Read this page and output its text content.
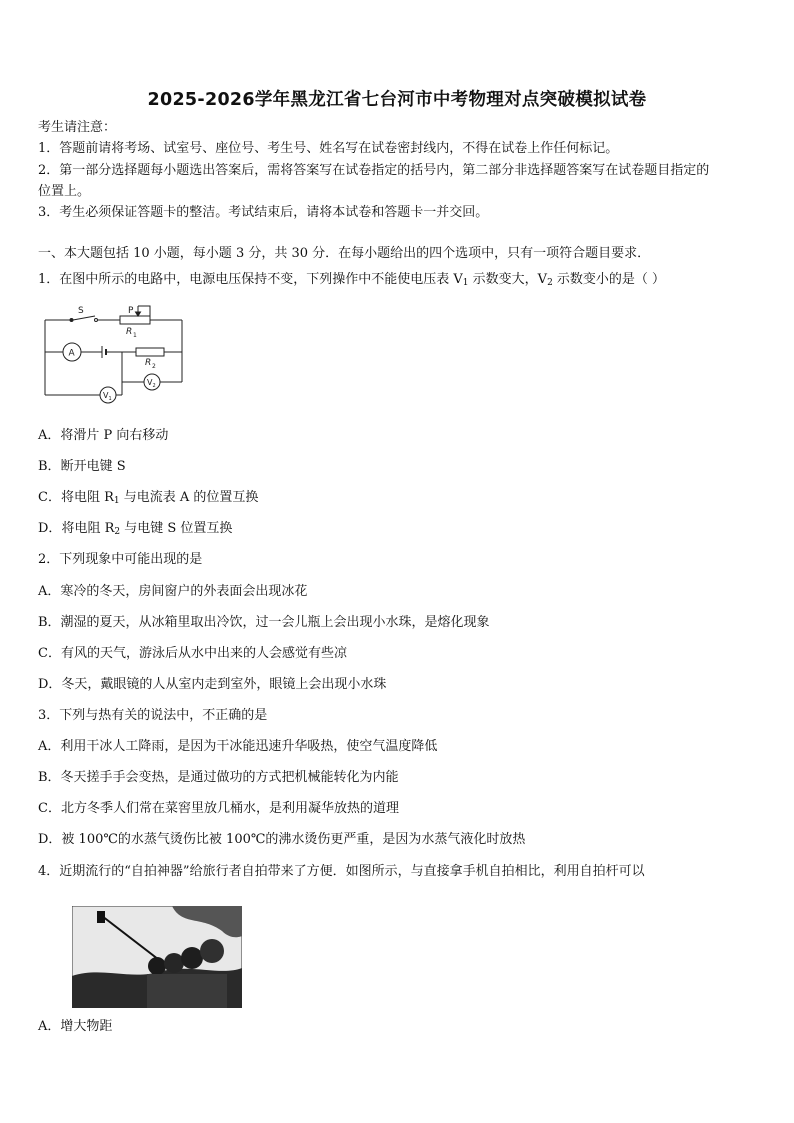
2025-2026学年黑龙江省七台河市中考物理对点突破模拟试卷
考生请注意：
1．答题前请将考场、试室号、座位号、考生号、姓名写在试卷密封线内，不得在试卷上作任何标记。
2．第一部分选择题每小题选出答案后，需将答案写在试卷指定的括号内，第二部分非选择题答案写在试卷题目指定的
位置上。
3．考生必须保证答题卡的整洁。考试结束后，请将本试卷和答题卡一并交回。
一、本大题包括 10 小题，每小题 3 分，共 30 分．在每小题给出的四个选项中，只有一项符合题目要求．
1．在图中所示的电路中，电源电压保持不变，下列操作中不能使电压表 $V_1$ 示数变大，$V_2$ 示数变小的是（ ）
S	P
R 1
R 2
A
V 2
V 1
A．将滑片 P 向右移动
B．断开电键 S
C．将电阻 $R_1$ 与电流表 A 的位置互换
D．将电阻 $R_2$ 与电键 S 位置互换
2．下列现象中可能出现的是
A．寒冷的冬天，房间窗户的外表面会出现冰花
B．潮湿的夏天，从冰箱里取出冷饮，过一会儿瓶上会出现小水珠，是熔化现象
C．有风的天气，游泳后从水中出来的人会感觉有些凉
D．冬天，戴眼镜的人从室内走到室外，眼镜上会出现小水珠
3．下列与热有关的说法中，不正确的是
A．利用干冰人工降雨，是因为干冰能迅速升华吸热，使空气温度降低
B．冬天搓手手会变热，是通过做功的方式把机械能转化为内能
C．北方冬季人们常在菜窖里放几桶水，是利用凝华放热的道理
D．被 100℃的水蒸气烫伤比被 100℃的沸水烫伤更严重，是因为水蒸气液化时放热
4．近期流行的“自拍神器”给旅行者自拍带来了方便．如图所示，与直接拿手机自拍相比，利用自拍杆可以
A．增大物距
